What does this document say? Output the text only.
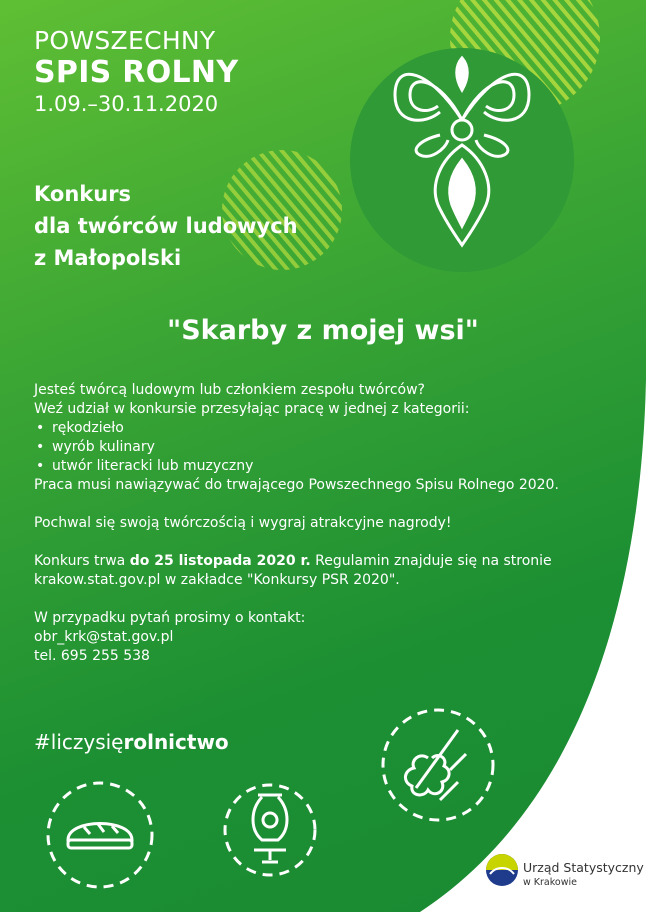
POWSZECHNY
SPIS ROLNY
1.09.–30.11.2020
Konkurs
dla twórców ludowych
z Małopolski
"Skarby z mojej wsi"

Jesteś twórcą ludowym lub członkiem zespołu twórców?

Weź udział w konkursie przesyłając pracę w jednej z kategorii:

• rękodzieło
• wyrób kulinary
• utwór literacki lub muzyczny

Praca musi nawiązywać do trwającego Powszechnego Spisu Rolnego 2020.

Pochwal się swoją twórczością i wygraj atrakcyjne nagrody!

Konkurs trwa do 25 listopada 2020 r. Regulamin znajduje się na stronie

krakow.stat.gov.pl w zakładce "Konkursy PSR 2020".

W przypadku pytań prosimy o kontakt:

obr_krk@stat.gov.pl

tel. 695 255 538

#liczysięrolnictwo
Urząd Statystyczny
w Krakowie
